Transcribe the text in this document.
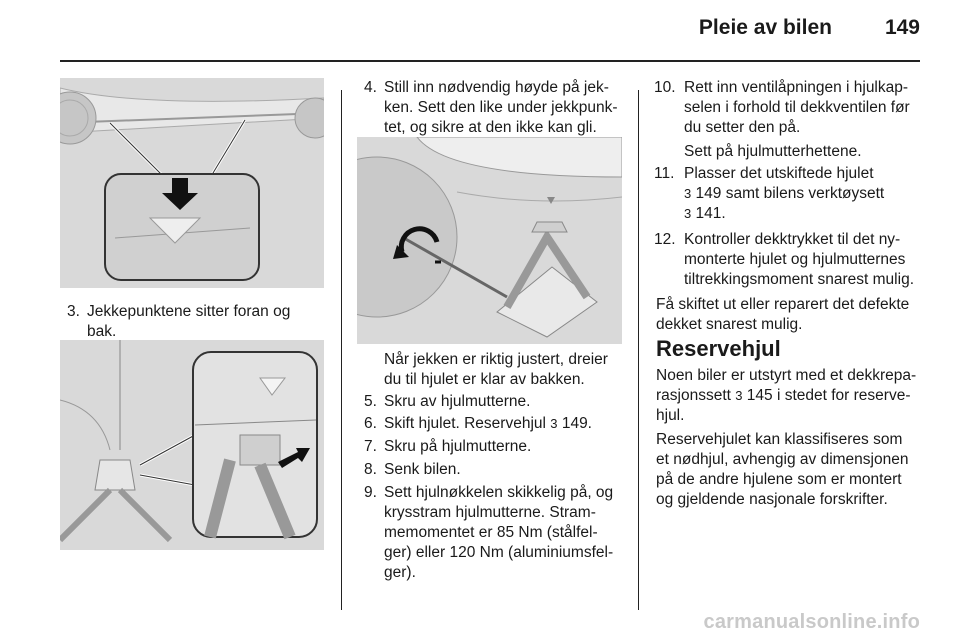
Pleie av bilen	149
3. Jekkepunktene sitter foran og
bak.
4. Still inn nødvendig høyde på jek-
ken. Sett den like under jekkpunk-
tet, og sikre at den ikke kan gli.
Når jekken er riktig justert, dreier
du til hjulet er klar av bakken.
5. Skru av hjulmutterne.
6. Skift hjulet. Reservehjul 3 149.
7. Skru på hjulmutterne.
8. Senk bilen.
9. Sett hjulnøkkelen skikkelig på, og
krysstram hjulmutterne. Stram-
memomentet er 85 Nm (stålfel-
ger) eller 120 Nm (aluminiumsfel-
ger).
10. Rett inn ventilåpningen i hjulkap-
selen i forhold til dekkventilen før
du setter den på.
Sett på hjulmutterhettene.
11. Plasser det utskiftede hjulet
3 149 samt bilens verktøysett
3 141.
12. Kontroller dekktrykket til det ny-
monterte hjulet og hjulmutternes
tiltrekkingsmoment snarest mulig.
Få skiftet ut eller reparert det defekte
dekket snarest mulig.
Reservehjul
Noen biler er utstyrt med et dekkrepa-
rasjonssett 3 145 i stedet for reserve-
hjul.
Reservehjulet kan klassifiseres som
et nødhjul, avhengig av dimensjonen
på de andre hjulene som er montert
og gjeldende nasjonale forskrifter.
carmanualsonline.info
